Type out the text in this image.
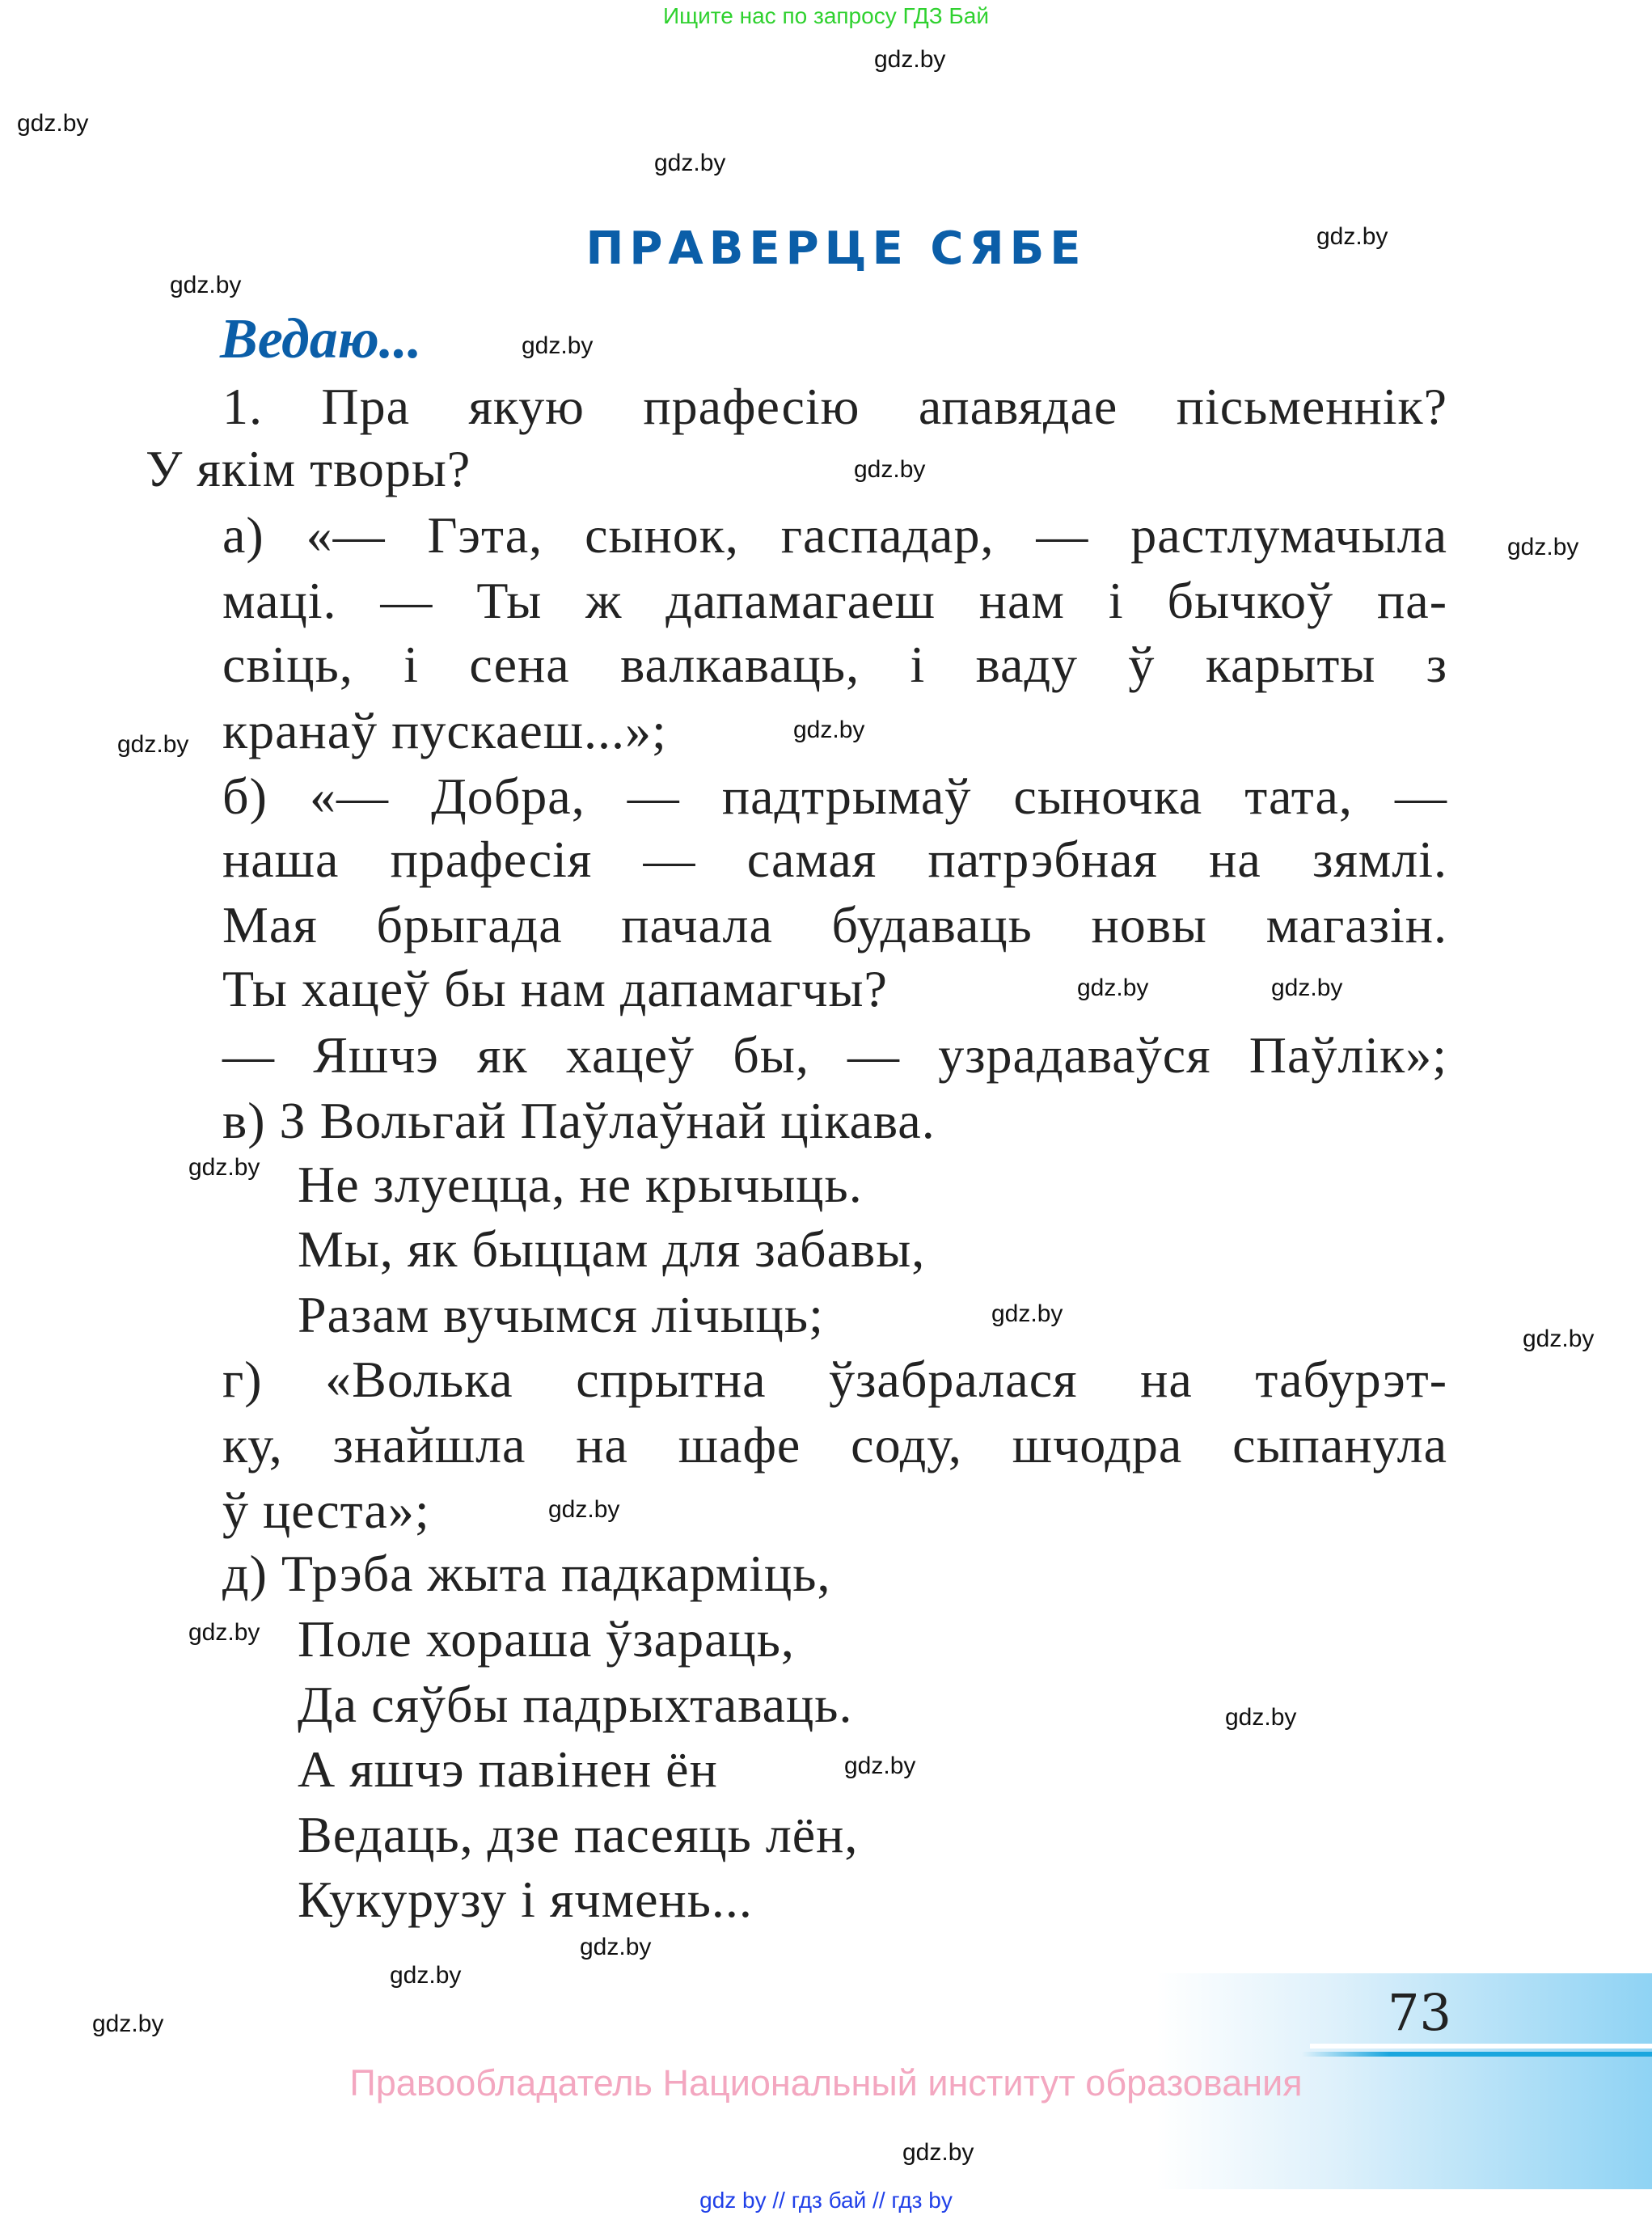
Ищите нас по запросу ГДЗ Бай
ПРАВЕРЦЕ СЯБЕ
Ведаю...
1. Пра якую прафесію апавядае пісьменнік?
У якім творы?
а) «— Гэта, сынок, гаспадар, — растлумачыла
маці. — Ты ж дапамагаеш нам і бычкоў па-
свіць, і сена валкаваць, і ваду ў карыты з
кранаў пускаеш...»;
б) «— Добра, — падтрымаў сыночка тата, —
наша прафесія — самая патрэбная на зямлі.
Мая брыгада пачала будаваць новы магазін.
Ты хацеў бы нам дапамагчы?
— Яшчэ як хацеў бы, — узрадаваўся Паўлік»;
в) З Вольгай Паўлаўнай цікава.
Не злуецца, не крычыць.
Мы, як быццам для забавы,
Разам вучымся лічыць;
г) «Волька спрытна ўзабралася на табурэт-
ку, знайшла на шафе соду, шчодра сыпанула
ў цеста»;
д) Трэба жыта падкарміць,
Поле хораша ўзараць,
Да сяўбы падрыхтаваць.
А яшчэ павінен ён
Ведаць, дзе пасеяць лён,
Кукурузу і ячмень...
gdz.by
gdz.by
gdz.by
gdz.by
gdz.by
gdz.by
gdz.by
gdz.by
gdz.by
gdz.by
gdz.by
gdz.by
gdz.by
gdz.by
gdz.by
gdz.by
gdz.by
gdz.by
gdz.by
gdz.by
gdz.by
gdz.by
gdz.by
73
Правообладатель Национальный институт образования
gdz by // гдз бай // гдз by
